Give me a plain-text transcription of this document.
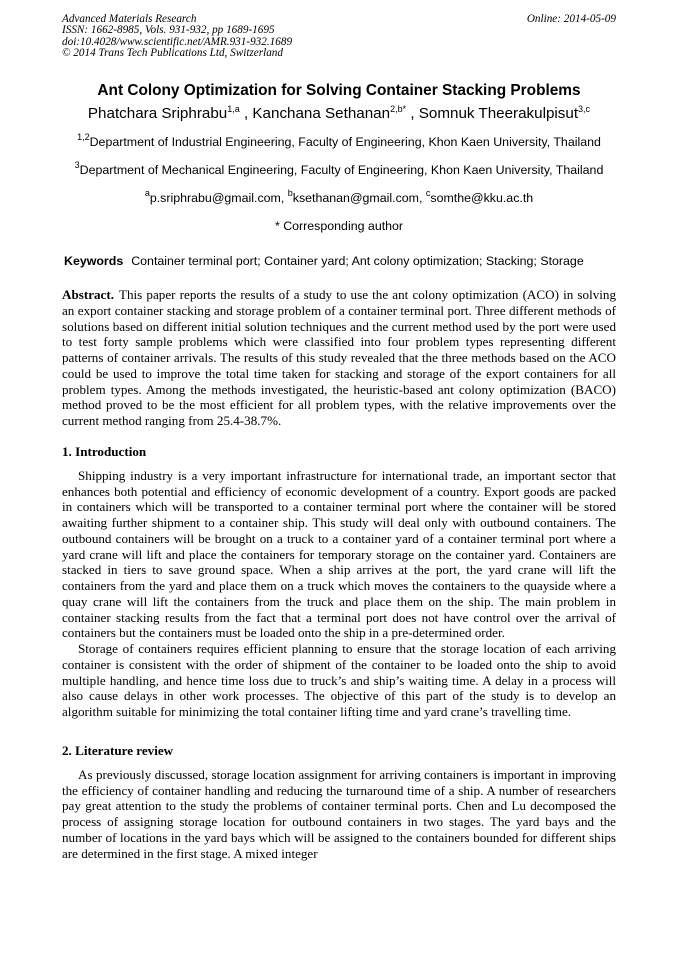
Advanced Materials Research
ISSN: 1662-8985, Vols. 931-932, pp 1689-1695
doi:10.4028/www.scientific.net/AMR.931-932.1689
© 2014 Trans Tech Publications Ltd, Switzerland
Online: 2014-05-09
Ant Colony Optimization for Solving Container Stacking Problems
Phatchara Sriphrabu$^{1,a}$ , Kanchana Sethanan$^{2,b*}$ , Somnuk Theerakulpisut$^{3,c}$
$^{1,2}$Department of Industrial Engineering, Faculty of Engineering, Khon Kaen University, Thailand
$^3$Department of Mechanical Engineering, Faculty of Engineering, Khon Kaen University, Thailand
$^a$p.sriphrabu@gmail.com, $^b$ksethanan@gmail.com, $^c$somthe@kku.ac.th
* Corresponding author
Keywords Container terminal port; Container yard; Ant colony optimization; Stacking; Storage
Abstract. This paper reports the results of a study to use the ant colony optimization (ACO) in solving an export container stacking and storage problem of a container terminal port. Three different methods of solutions based on different initial solution techniques and the current method used by the port were used to test forty sample problems which were classified into four problem types representing different patterns of container arrivals. The results of this study revealed that the three methods based on the ACO could be used to improve the total time taken for stacking and storage of the export containers for all problem types. Among the methods investigated, the heuristic-based ant colony optimization (BACO) method proved to be the most efficient for all problem types, with the relative improvements over the current method ranging from 25.4-38.7%.
1. Introduction

Shipping industry is a very important infrastructure for international trade, an important sector that enhances both potential and efficiency of economic development of a country. Export goods are packed in containers which will be transported to a container terminal port where the container will be stored awaiting further shipment to a container ship. This study will deal only with outbound containers. The outbound containers will be brought on a truck to a container yard of a container terminal port where a yard crane will lift and place the containers for temporary storage on the container yard. Containers are stacked in tiers to save ground space. When a ship arrives at the port, the yard crane will lift the containers from the yard and place them on a truck which moves the containers to the quayside where a quay crane will lift the containers from the truck and place them on the ship. The main problem in container stacking results from the fact that a terminal port does not have control over the arrival of containers but the containers must be loaded onto the ship in a pre-determined order.

Storage of containers requires efficient planning to ensure that the storage location of each arriving container is consistent with the order of shipment of the container to be loaded onto the ship to avoid multiple handling, and hence time loss due to truck’s and ship’s waiting time. A delay in a process will also cause delays in other work processes. The objective of this part of the study is to develop an algorithm suitable for minimizing the total container lifting time and yard crane’s travelling time.

2. Literature review

As previously discussed, storage location assignment for arriving containers is important in improving the efficiency of container handling and reducing the turnaround time of a ship. A number of researchers pay great attention to the study the problems of container terminal ports. Chen and Lu decomposed the process of assigning storage location for outbound containers in two stages. The yard bays and the number of locations in the yard bays which will be assigned to the containers bounded for different ships are determined in the first stage. A mixed integer
